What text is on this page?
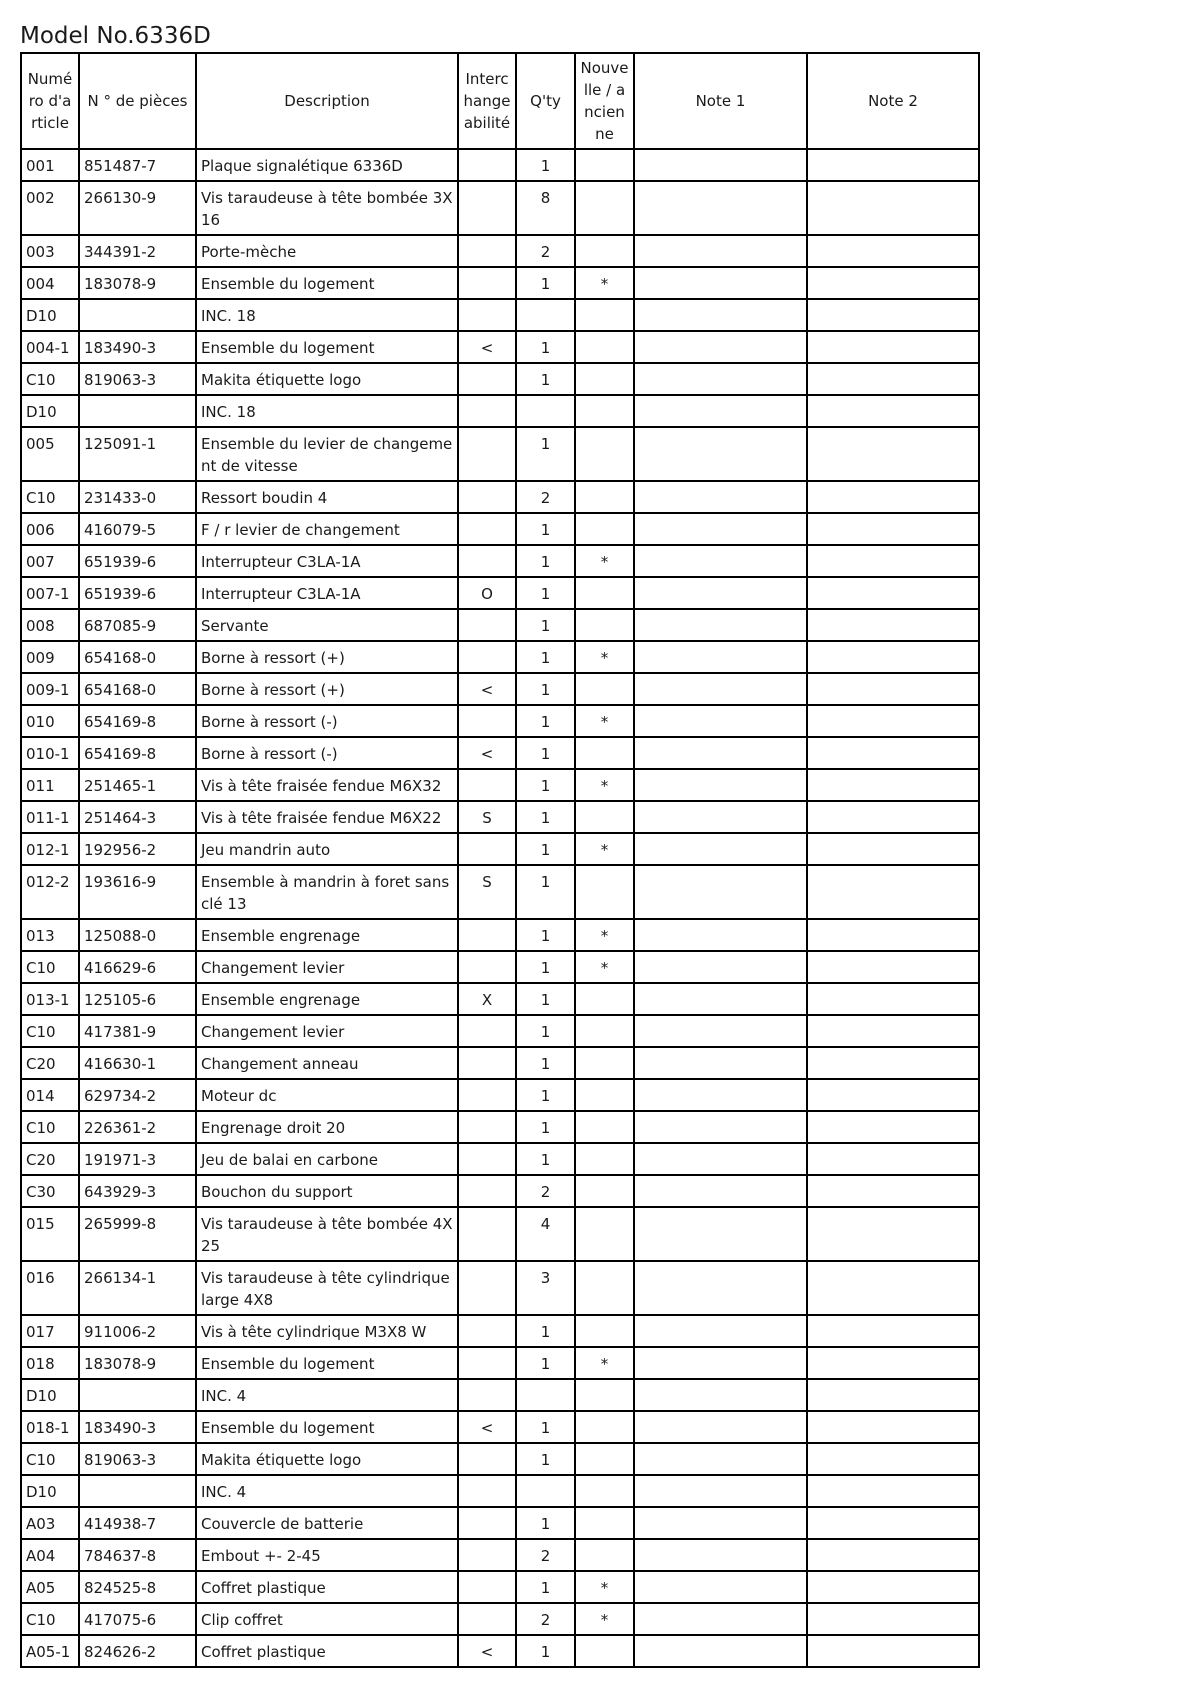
Model No.6336D
Numéro d'article	N ° de pièces	Description	Interchangeabilité	Q'ty	Nouvelle / ancienne	Note 1	Note 2
001	851487-7	Plaque signalétique 6336D		1			
002	266130-9	Vis taraudeuse à tête bombée 3X16		8			
003	344391-2	Porte-mèche		2			
004	183078-9	Ensemble du logement		1	*		
D10		INC. 18					
004-1	183490-3	Ensemble du logement	<	1			
C10	819063-3	Makita étiquette logo		1			
D10		INC. 18					
005	125091-1	Ensemble du levier de changement de vitesse		1			
C10	231433-0	Ressort boudin 4		2			
006	416079-5	F / r levier de changement		1			
007	651939-6	Interrupteur C3LA-1A		1	*		
007-1	651939-6	Interrupteur C3LA-1A	O	1			
008	687085-9	Servante		1			
009	654168-0	Borne à ressort (+)		1	*		
009-1	654168-0	Borne à ressort (+)	<	1			
010	654169-8	Borne à ressort (-)		1	*		
010-1	654169-8	Borne à ressort (-)	<	1			
011	251465-1	Vis à tête fraisée fendue M6X32		1	*		
011-1	251464-3	Vis à tête fraisée fendue M6X22	S	1			
012-1	192956-2	Jeu mandrin auto		1	*		
012-2	193616-9	Ensemble à mandrin à foret sans clé 13	S	1			
013	125088-0	Ensemble engrenage		1	*		
C10	416629-6	Changement levier		1	*		
013-1	125105-6	Ensemble engrenage	X	1			
C10	417381-9	Changement levier		1			
C20	416630-1	Changement anneau		1			
014	629734-2	Moteur dc		1			
C10	226361-2	Engrenage droit 20		1			
C20	191971-3	Jeu de balai en carbone		1			
C30	643929-3	Bouchon du support		2			
015	265999-8	Vis taraudeuse à tête bombée 4X25		4			
016	266134-1	Vis taraudeuse à tête cylindrique large 4X8		3			
017	911006-2	Vis à tête cylindrique M3X8 W		1			
018	183078-9	Ensemble du logement		1	*		
D10		INC. 4					
018-1	183490-3	Ensemble du logement	<	1			
C10	819063-3	Makita étiquette logo		1			
D10		INC. 4					
A03	414938-7	Couvercle de batterie		1			
A04	784637-8	Embout +- 2-45		2			
A05	824525-8	Coffret plastique		1	*		
C10	417075-6	Clip coffret		2	*		
A05-1	824626-2	Coffret plastique	<	1			
